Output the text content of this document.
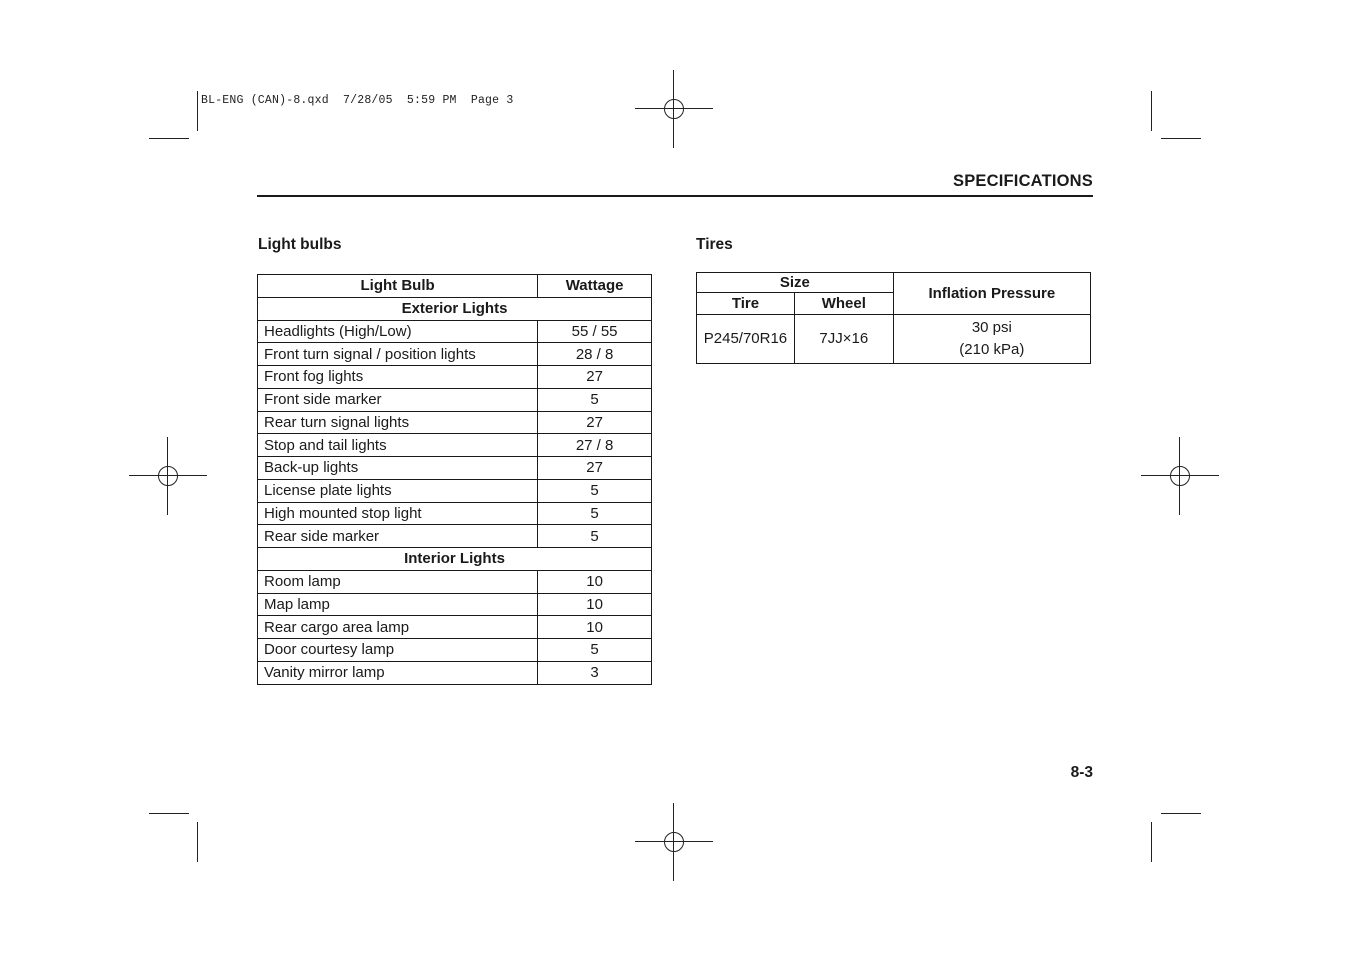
BL-ENG (CAN)-8.qxd  7/28/05  5:59 PM  Page 3
SPECIFICATIONS
Light bulbs
Light Bulb	Wattage
Exterior Lights	
Headlights (High/Low)	55 / 55
Front turn signal / position lights	28 / 8
Front fog lights	27
Front side marker	5
Rear turn signal lights	27
Stop and tail lights	27 / 8
Back-up lights	27
License plate lights	5
High mounted stop light	5
Rear side marker	5
Interior Lights	
Room lamp	10
Map lamp	10
Rear cargo area lamp	10
Door courtesy lamp	5
Vanity mirror lamp	3
Tires
Size		Inflation Pressure
Tire	Wheel	
P245/70R16	7JJ×16	30 psi
(210 kPa)
8-3
